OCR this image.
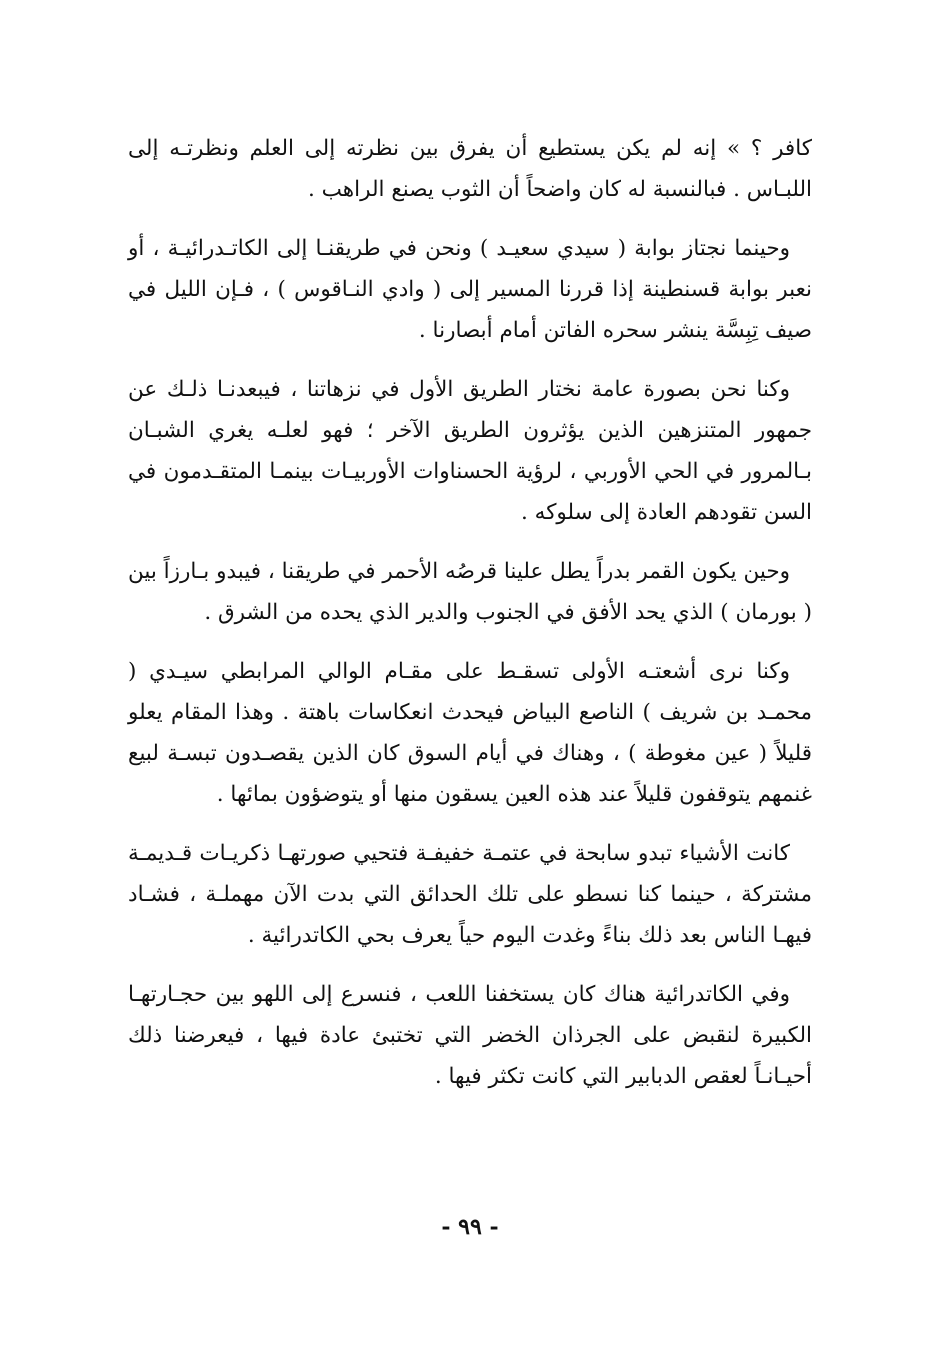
كافر ؟ » إنه لم يكن يستطيع أن يفرق بين نظرته إلى العلم ونظرتـه إلى اللبـاس . فبالنسبة له كان واضحاً أن الثوب يصنع الراهب .

وحينما نجتاز بوابة ( سيدي سعيـد ) ونحن في طريقنـا إلى الكاتـدرائيـة ، أو نعبر بوابة قسنطينة إذا قررنا المسير إلى ( وادي النـاقوس ) ، فـإن الليل في صيف تِبِسَّة ينشر سحره الفاتن أمام أبصارنا .

وكنا نحن بصورة عامة نختار الطريق الأول في نزهاتنا ، فيبعدنـا ذلـك عن جمهور المتنزهين الذين يؤثرون الطريق الآخر ؛ فهو لعلـه يغري الشبـان بـالمرور في الحي الأوربي ، لرؤية الحسناوات الأوربيـات بينمـا المتقـدمون في السن تقودهم العادة إلى سلوكه .

وحين يكون القمر بدراً يطل علينا قرصُه الأحمر في طريقنا ، فيبدو بـارزاً بين ( بورمان ) الذي يحد الأفق في الجنوب والدير الذي يحده من الشرق .

وكنا نرى أشعتـه الأولى تسقـط على مقـام الوالي المرابطي سيـدي ( محمـد بن شريف ) الناصع البياض فيحدث انعكاسات باهتة . وهذا المقام يعلو قليلاً ( عين مغوطة ) ، وهناك في أيام السوق كان الذين يقصـدون تبسـة لبيع غنمهم يتوقفون قليلاً عند هذه العين يسقون منها أو يتوضؤون بمائها .

كانت الأشياء تبدو سابحة في عتمـة خفيفـة فتحيي صورتهـا ذكريـات قـديمـة مشتركة ، حينما كنا نسطو على تلك الحدائق التي بدت الآن مهملـة ، فشـاد فيهـا الناس بعد ذلك بناءً وغدت اليوم حياً يعرف بحي الكاتدرائية .

وفي الكاتدرائية هناك كان يستخفنا اللعب ، فنسرع إلى اللهو بين حجـارتهـا الكبيرة لنقبض على الجرذان الخضر التي تختبئ عادة فيها ، فيعرضنا ذلك أحيـانـاً لعقص الدبابير التي كانت تكثر فيها .

- ٩٩ -
